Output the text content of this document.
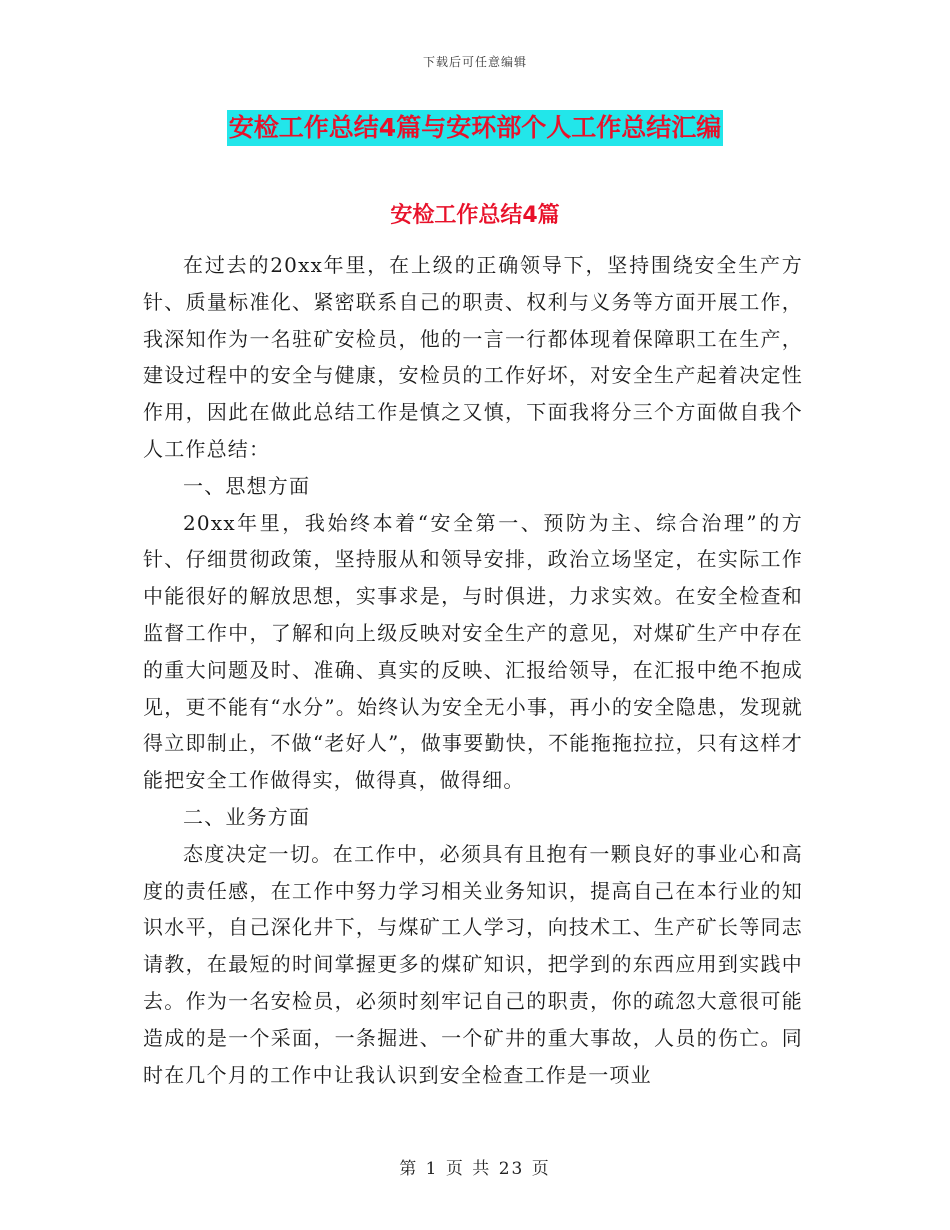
下载后可任意编辑
安检工作总结4篇与安环部个人工作总结汇编
安检工作总结4篇

在过去的20xx年里，在上级的正确领导下，坚持围绕安全生产方针、质量标准化、紧密联系自己的职责、权利与义务等方面开展工作，我深知作为一名驻矿安检员，他的一言一行都体现着保障职工在生产，建设过程中的安全与健康，安检员的工作好坏，对安全生产起着决定性作用，因此在做此总结工作是慎之又慎，下面我将分三个方面做自我个人工作总结：

一、思想方面

20xx年里，我始终本着“安全第一、预防为主、综合治理”的方针、仔细贯彻政策，坚持服从和领导安排，政治立场坚定，在实际工作中能很好的解放思想，实事求是，与时俱进，力求实效。在安全检查和监督工作中，了解和向上级反映对安全生产的意见，对煤矿生产中存在的重大问题及时、准确、真实的反映、汇报给领导，在汇报中绝不抱成见，更不能有“水分”。始终认为安全无小事，再小的安全隐患，发现就得立即制止，不做“老好人”，做事要勤快，不能拖拖拉拉，只有这样才能把安全工作做得实，做得真，做得细。

二、业务方面

态度决定一切。在工作中，必须具有且抱有一颗良好的事业心和高度的责任感，在工作中努力学习相关业务知识，提高自己在本行业的知识水平，自己深化井下，与煤矿工人学习，向技术工、生产矿长等同志请教，在最短的时间掌握更多的煤矿知识，把学到的东西应用到实践中去。作为一名安检员，必须时刻牢记自己的职责，你的疏忽大意很可能造成的是一个采面，一条掘进、一个矿井的重大事故，人员的伤亡。同时在几个月的工作中让我认识到安全检查工作是一项业

第 1 页 共 23 页
